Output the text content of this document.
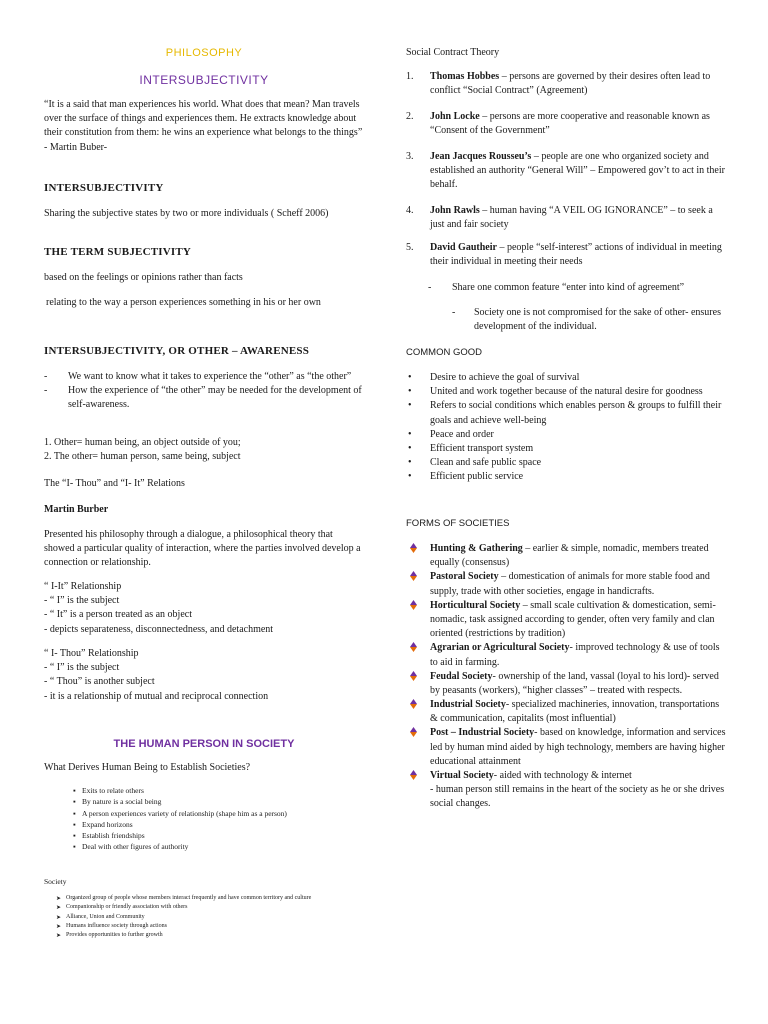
PHILOSOPHY
INTERSUBJECTIVITY

“It is a said that man experiences his world. What does that mean? Man travels over the surface of things and experiences them. He extracts knowledge about their constitution from them: he wins an experience what belongs to the things”

- Martin Buber-

INTERSUBJECTIVITY
Sharing the subjective states by two or more individuals ( Scheff 2006)
THE TERM SUBJECTIVITY
based on the feelings or opinions rather than facts
relating to the way a person experiences something in his or her own
INTERSUBJECTIVITY, OR OTHER – AWARENESS
- We want to know what it takes to experience the “other” as “the other”
- How the experience of “the other” may be needed for the development of self-awareness.

1. Other= human being, an object outside of you;

2. The other= human person, same being, subject

The “I- Thou” and “I- It” Relations
Martin Burber
Presented his philosophy through a dialogue, a philosophical theory that showed a particular quality of interaction, where the parties involved develop a connection or relationship.

“ I-It” Relationship

- “ I” is the subject

- “ It” is a person treated as an object

- depicts separateness, disconnectedness, and detachment

“ I- Thou” Relationship

- “ I” is the subject

- “ Thou” is another subject

- it is a relationship of mutual and reciprocal connection

THE HUMAN PERSON IN SOCIETY
What Derives Human Being to Establish Societies?
▪ Exits to relate others
▪ By nature is a social being
▪ A person experiences variety of relationship (shape him as a person)
▪ Expand horizons
▪ Establish friendships
▪ Deal with other figures of authority
Society
➤ Organized group of people whose members interact frequently and have common territory and culture
➤ Companionship or friendly association with others
➤ Alliance, Union and Community
➤ Humans influence society through actions
➤ Provides opportunities to further growth
Social Contract Theory
1. Thomas Hobbes – persons are governed by their desires often lead to conflict “Social Contract” (Agreement)
2. John Locke – persons are more cooperative and reasonable known as “Consent of the Government”
3. Jean Jacques Rousseu’s – people are one who organized society and established an authority “General Will” – Empowered gov’t to act in their behalf.
4. John Rawls – human having “A VEIL OG IGNORANCE” – to seek a just and fair society
5. David Gautheir – people “self-interest” actions of individual in meeting their individual in meeting their needs
- Share one common feature “enter into kind of agreement”
- Society one is not compromised for the sake of other- ensures development of the individual.
COMMON GOOD
• Desire to achieve the goal of survival
• United and work together because of the natural desire for goodness
• Refers to social conditions which enables person & groups to fulfill their goals and achieve well-being
• Peace and order
• Efficient transport system
• Clean and safe public space
• Efficient public service
FORMS OF SOCIETIES
Hunting & Gathering – earlier & simple, nomadic, members treated equally (consensus)
Pastoral Society – domestication of animals for more stable food and supply, trade with other societies, engage in handicrafts.
Horticultural Society – small scale cultivation & domestication, semi-nomadic, task assigned according to gender, often very family and clan oriented (restrictions by tradition)
Agrarian or Agricultural Society- improved technology & use of tools to aid in farming.
Feudal Society- ownership of the land, vassal (loyal to his lord)- served by peasants (workers), “higher classes” – treated with respects.
Industrial Society- specialized machineries, innovation, transportations & communication, capitalits (most influential)
Post – Industrial Society- based on knowledge, information and services led by human mind aided by high technology, members are having higher educational attainment
Virtual Society- aided with technology & internet
- human person still remains in the heart of the society as he or she drives social changes.
